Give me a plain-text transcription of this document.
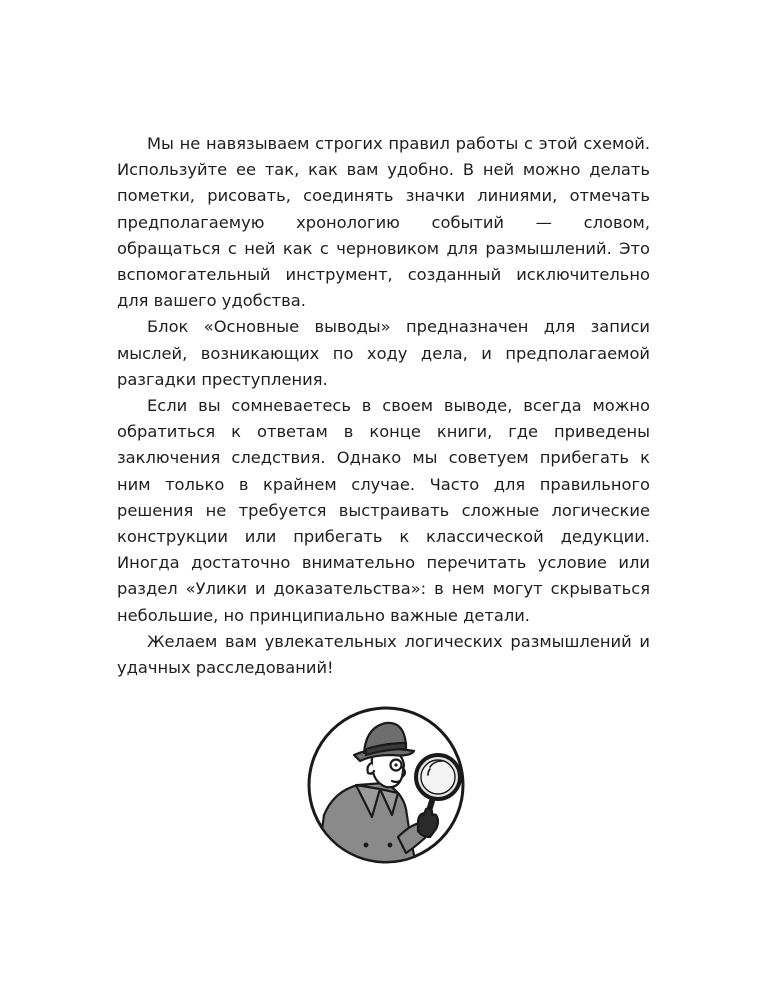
Мы не навязываем строгих правил работы с этой схемой. Используйте ее так, как вам удобно. В ней можно делать пометки, рисовать, соединять значки линиями, отмечать предполагаемую хронологию событий — словом, обращаться с ней как с черновиком для размышлений. Это вспомогательный инструмент, созданный исключительно для вашего удобства.

Блок «Основные выводы» предназначен для записи мыслей, возникающих по ходу дела, и предполагаемой разгадки преступления.

Если вы сомневаетесь в своем выводе, всегда можно обратиться к ответам в конце книги, где приведены заключения следствия. Однако мы советуем прибегать к ним только в крайнем случае. Часто для правильного решения не требуется выстраивать сложные логические конструкции или прибегать к классической дедукции. Иногда достаточно внимательно перечитать условие или раздел «Улики и доказательства»: в нем могут скрываться небольшие, но принципиально важные детали.

Желаем вам увлекательных логических размышлений и удачных расследований!
